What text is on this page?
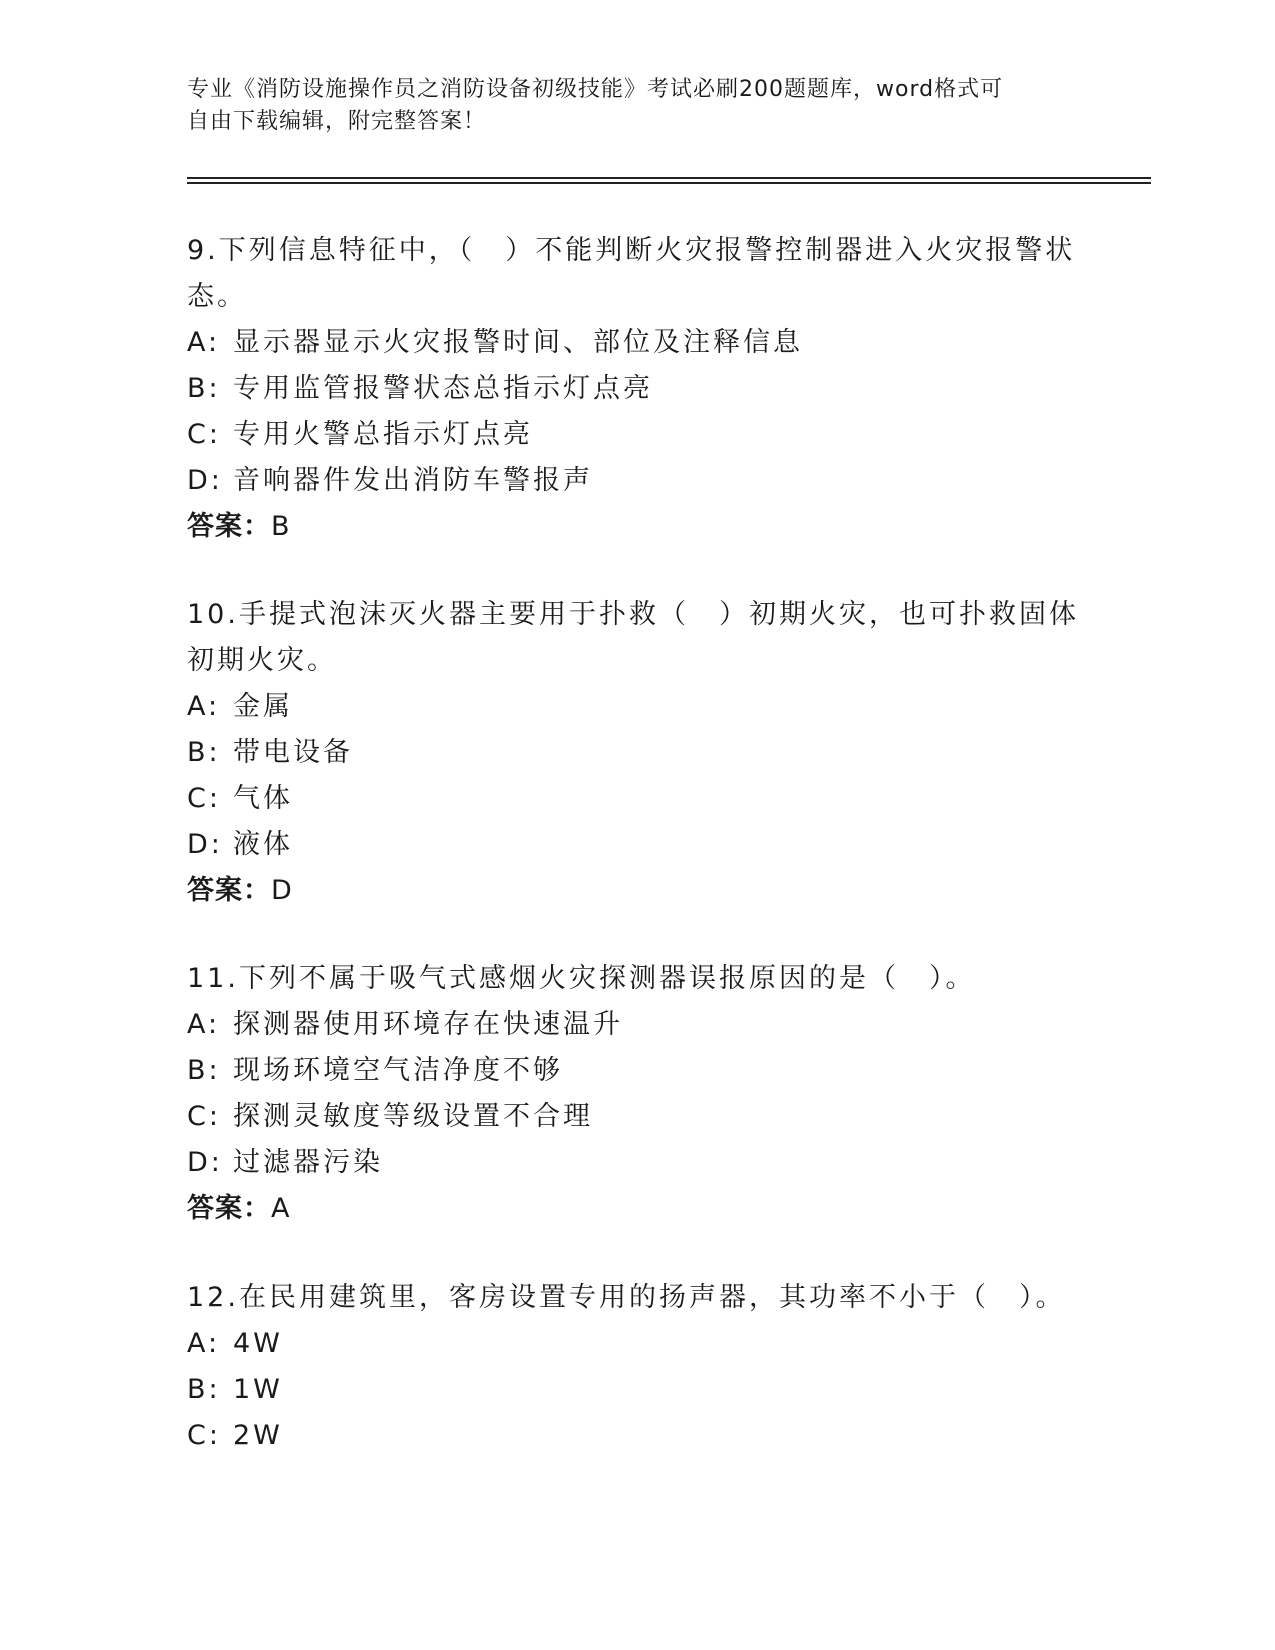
专业《消防设施操作员之消防设备初级技能》考试必刷200题题库，word格式可
自由下载编辑，附完整答案！

9.下列信息特征中，（　）不能判断火灾报警控制器进入火灾报警状态。

A: 显示器显示火灾报警时间、部位及注释信息
B: 专用监管报警状态总指示灯点亮
C: 专用火警总指示灯点亮
D: 音响器件发出消防车警报声

答案：B

10.手提式泡沫灭火器主要用于扑救（　）初期火灾，也可扑救固体初期火灾。

A: 金属
B: 带电设备
C: 气体
D: 液体

答案：D

11.下列不属于吸气式感烟火灾探测器误报原因的是（　）。

A: 探测器使用环境存在快速温升
B: 现场环境空气洁净度不够
C: 探测灵敏度等级设置不合理
D: 过滤器污染

答案：A

12.在民用建筑里，客房设置专用的扬声器，其功率不小于（　）。

A: 4W
B: 1W
C: 2W
